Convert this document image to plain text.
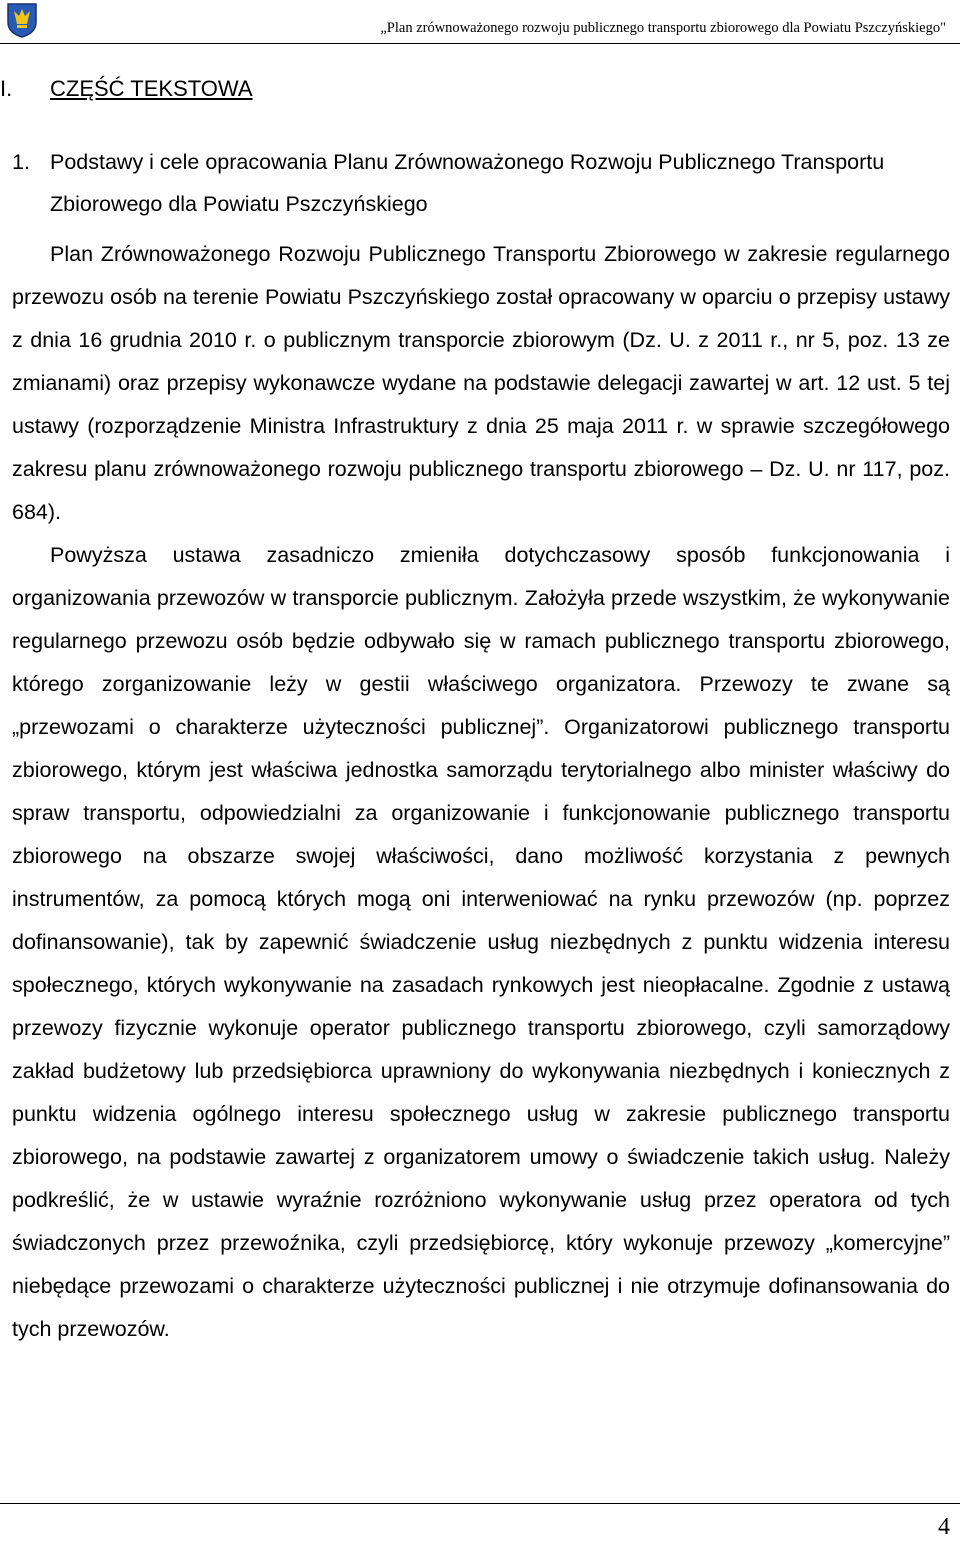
„Plan zrównoważonego rozwoju publicznego transportu zbiorowego dla Powiatu Pszczyńskiego"
I. CZĘŚĆ TEKSTOWA
1. Podstawy i cele opracowania Planu Zrównoważonego Rozwoju Publicznego Transportu Zbiorowego dla Powiatu Pszczyńskiego

Plan Zrównoważonego Rozwoju Publicznego Transportu Zbiorowego w zakresie regularnego przewozu osób na terenie Powiatu Pszczyńskiego został opracowany w oparciu o przepisy ustawy z dnia 16 grudnia 2010 r. o publicznym transporcie zbiorowym (Dz. U. z 2011 r., nr 5, poz. 13 ze zmianami) oraz przepisy wykonawcze wydane na podstawie delegacji zawartej w art. 12 ust. 5 tej ustawy (rozporządzenie Ministra Infrastruktury z dnia 25 maja 2011 r. w sprawie szczegółowego zakresu planu zrównoważonego rozwoju publicznego transportu zbiorowego – Dz. U. nr 117, poz. 684).

Powyższa ustawa zasadniczo zmieniła dotychczasowy sposób funkcjonowania i organizowania przewozów w transporcie publicznym. Założyła przede wszystkim, że wykonywanie regularnego przewozu osób będzie odbywało się w ramach publicznego transportu zbiorowego, którego zorganizowanie leży w gestii właściwego organizatora. Przewozy te zwane są „przewozami o charakterze użyteczności publicznej”. Organizatorowi publicznego transportu zbiorowego, którym jest właściwa jednostka samorządu terytorialnego albo minister właściwy do spraw transportu, odpowiedzialni za organizowanie i funkcjonowanie publicznego transportu zbiorowego na obszarze swojej właściwości, dano możliwość korzystania z pewnych instrumentów, za pomocą których mogą oni interweniować na rynku przewozów (np. poprzez dofinansowanie), tak by zapewnić świadczenie usług niezbędnych z punktu widzenia interesu społecznego, których wykonywanie na zasadach rynkowych jest nieopłacalne. Zgodnie z ustawą przewozy fizycznie wykonuje operator publicznego transportu zbiorowego, czyli samorządowy zakład budżetowy lub przedsiębiorca uprawniony do wykonywania niezbędnych i koniecznych z punktu widzenia ogólnego interesu społecznego usług w zakresie publicznego transportu zbiorowego, na podstawie zawartej z organizatorem umowy o świadczenie takich usług. Należy podkreślić, że w ustawie wyraźnie rozróżniono wykonywanie usług przez operatora od tych świadczonych przez przewoźnika, czyli przedsiębiorcę, który wykonuje przewozy „komercyjne” niebędące przewozami o charakterze użyteczności publicznej i nie otrzymuje dofinansowania do tych przewozów.

4
